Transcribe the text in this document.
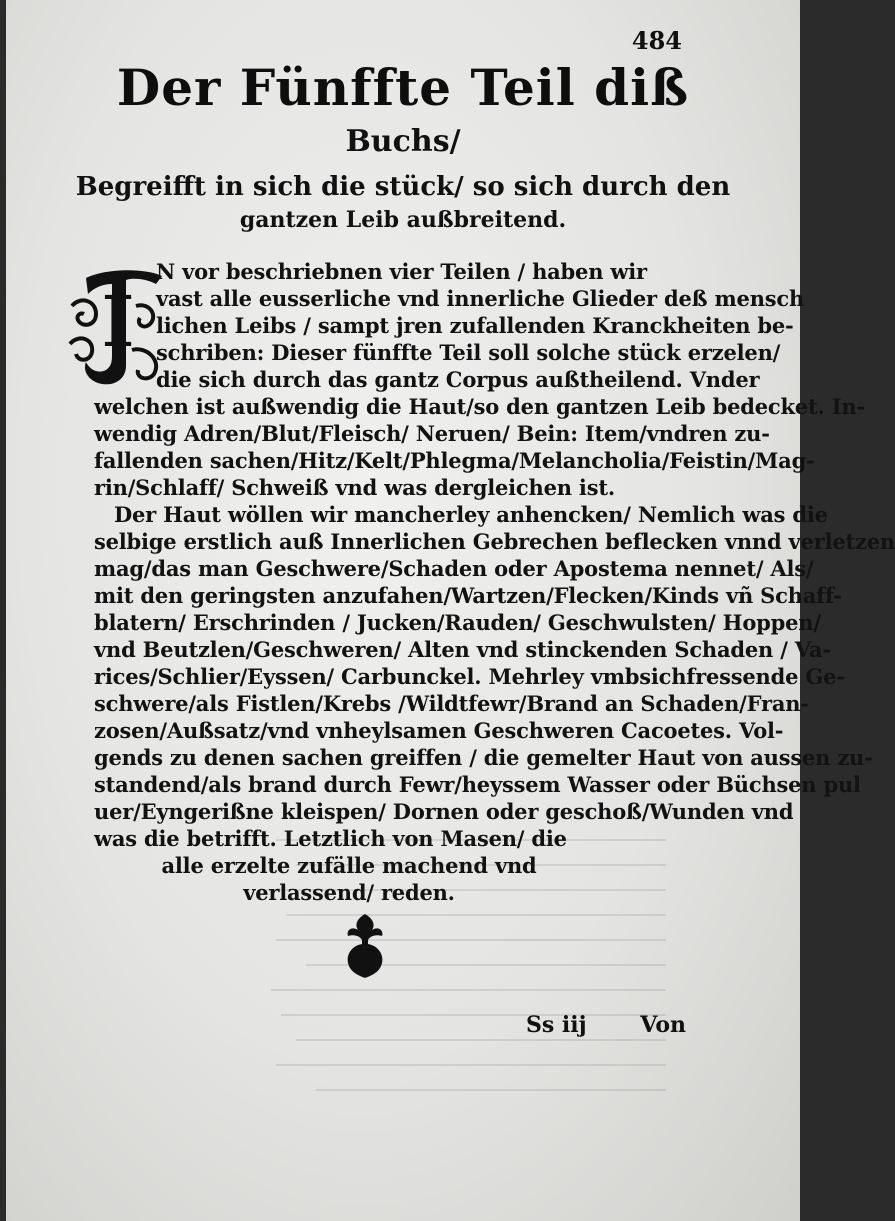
484
Der Fünffte Teil diß
Buchs/
Begreifft in sich die stück/ so sich durch den
gantzen Leib außbreitend.
I
N vor beschriebnen vier Teilen / haben wir
vast alle eusserliche vnd innerliche Glieder deß mensch
lichen Leibs / sampt jren zufallenden Kranckheiten be-
schriben: Dieser fünffte Teil soll solche stück erzelen/
die sich durch das gantz Corpus außtheilend. Vnder
welchen ist außwendig die Haut/so den gantzen Leib bedecket. In-
wendig Adren/Blut/Fleisch/ Neruen/ Bein: Item/vndren zu-
fallenden sachen/Hitz/Kelt/Phlegma/Melancholia/Feistin/Mag-
rin/Schlaff/ Schweiß vnd was dergleichen ist.
Der Haut wöllen wir mancherley anhencken/ Nemlich was die
selbige erstlich auß Innerlichen Gebrechen beflecken vnnd verletzen
mag/das man Geschwere/Schaden oder Apostema nennet/ Als/
mit den geringsten anzufahen/Wartzen/Flecken/Kinds vñ Schaff-
blatern/ Erschrinden / Jucken/Rauden/ Geschwulsten/ Hoppen/
vnd Beutzlen/Geschweren/ Alten vnd stinckenden Schaden / Va-
rices/Schlier/Eyssen/ Carbunckel. Mehrley vmbsichfressende Ge-
schwere/als Fistlen/Krebs /Wildtfewr/Brand an Schaden/Fran-
zosen/Außsatz/vnd vnheylsamen Geschweren Cacoetes. Vol-
gends zu denen sachen greiffen / die gemelter Haut von aussen zu-
standend/als brand durch Fewr/heyssem Wasser oder Büchsen pul
uer/Eyngerißne kleispen/ Dornen oder geschoß/Wunden vnd
was die betrifft. Letztlich von Masen/ die
alle erzelte zufälle machend vnd
verlassend/ reden.
Ss iij Von
